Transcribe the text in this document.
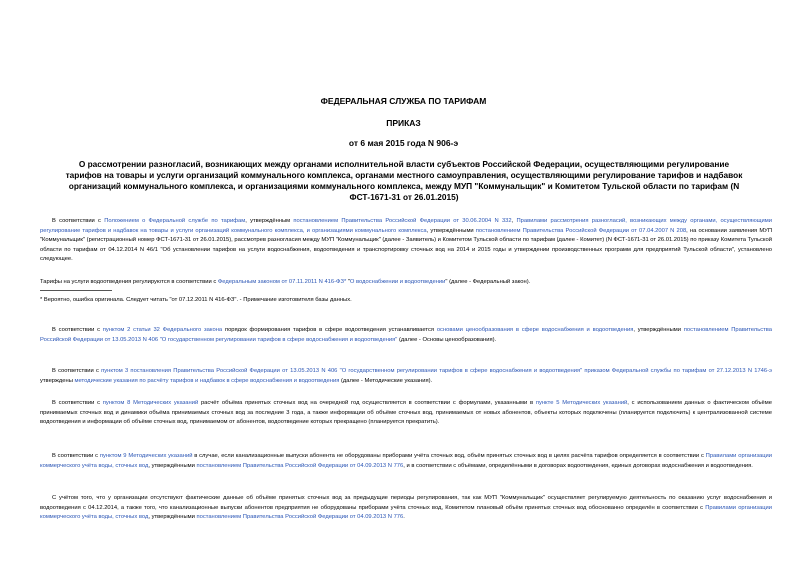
ФЕДЕРАЛЬНАЯ СЛУЖБА ПО ТАРИФАМ
ПРИКАЗ
от 6 мая 2015 года N 906-э
О рассмотрении разногласий, возникающих между органами исполнительной власти субъектов Российской Федерации, осуществляющими регулирование
тарифов на товары и услуги организаций коммунального комплекса, органами местного самоуправления, осуществляющими регулирование тарифов и надбавок
организаций коммунального комплекса, и организациями коммунального комплекса, между МУП "Коммунальщик" и Комитетом Тульской области по тарифам (N
ФСТ-1671-31 от 26.01.2015)
В соответствии с Положением о Федеральной службе по тарифам, утверждённым постановлением Правительства Российской Федерации от 30.06.2004 N 332, Правилами рассмотрения разногласий, возникающих между органами, осуществляющими регулирование тарифов и надбавок на товары и услуги организаций коммунального комплекса, и организациями коммунального комплекса, утверждёнными постановлением Правительства Российской Федерации от 07.04.2007 N 208, на основании заявления МУП "Коммунальщик" (регистрационный номер ФСТ-1671-31 от 26.01.2015), рассмотрев разногласия между МУП "Коммунальщик" (далее - Заявитель) и Комитетом Тульской области по тарифам (далее - Комитет) (N ФСТ-1671-31 от 26.01.2015) по приказу Комитета Тульской области по тарифам от 04.12.2014 N 46/1 "Об установлении тарифов на услуги водоснабжения, водоотведения и транспортировку сточных вод на 2014 и 2015 годы и утверждении производственных программ для предприятий Тульской области", установлено следующее.
Тарифы на услуги водоотведения регулируются в соответствии с Федеральным законом от 07.11.2011 N 416-ФЗ* "О водоснабжении и водоотведении" (далее - Федеральный закон).
* Вероятно, ошибка оригинала. Следует читать "от 07.12.2011 N 416-ФЗ". - Примечание изготовителя базы данных.
В соответствии с пунктом 2 статьи 32 Федерального закона порядок формирования тарифов в сфере водоотведения устанавливается основами ценообразования в сфере водоснабжения и водоотведения, утверждёнными постановлением Правительства Российской Федерации от 13.05.2013 N 406 "О государственном регулировании тарифов в сфере водоснабжения и водоотведения" (далее - Основы ценообразования).
В соответствии с пунктом 3 постановления Правительства Российской Федерации от 13.05.2013 N 406 "О государственном регулировании тарифов в сфере водоснабжения и водоотведения" приказом Федеральной службы по тарифам от 27.12.2013 N 1746-э утверждены методические указания по расчёту тарифов и надбавок в сфере водоснабжения и водоотведения (далее - Методические указания).
В соответствии с пунктом 8 Методических указаний расчёт объёма принятых сточных вод на очередной год осуществляется в соответствии с формулами, указанными в пункте 5 Методических указаний, с использованием данных о фактическом объёме принимаемых сточных вод и динамики объёма принимаемых сточных вод за последние 3 года, а также информации об объёме сточных вод, принимаемых от новых абонентов, объекты которых подключены (планируется подключить) к централизованной системе водоотведения и информации об объёме сточных вод, принимаемом от абонентов, водоотведение которых прекращено (планируется прекратить).
В соответствии с пунктом 9 Методических указаний в случае, если канализационные выпуски абонента не оборудованы приборами учёта сточных вод, объём принятых сточных вод в целях расчёта тарифов определяется в соответствии с Правилами организации коммерческого учёта воды, сточных вод, утверждёнными постановлением Правительства Российской Федерации от 04.09.2013 N 776, и в соответствии с объёмами, определёнными в договорах водоотведения, единых договорах водоснабжения и водоотведения.
С учётом того, что у организации отсутствуют фактические данные об объёме принятых сточных вод за предыдущие периоды регулирования, так как МУП "Коммунальщик" осуществляет регулируемую деятельность по оказанию услуг водоснабжения и водоотведения с 04.12.2014, а также того, что канализационные выпуски абонентов предприятия не оборудованы приборами учёта сточных вод, Комитетом плановый объём принятых сточных вод обоснованно определён в соответствии с Правилами организации коммерческого учёта воды, сточных вод, утверждёнными постановлением Правительства Российской Федерации от 04.09.2013 N 776.
